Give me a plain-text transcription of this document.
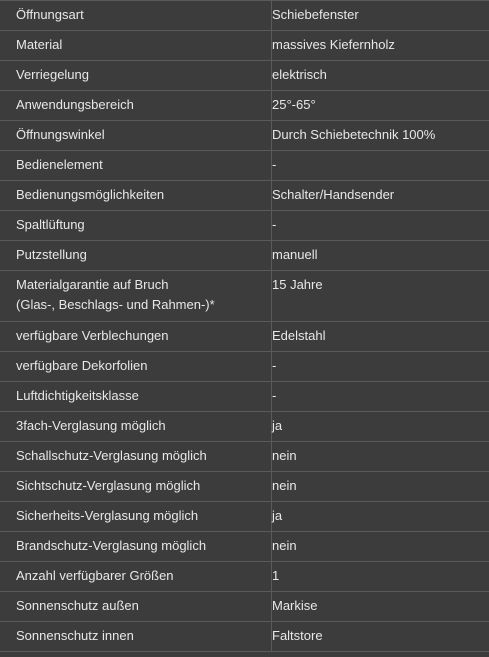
Öffnungsart	Schiebefenster

Material	massives Kiefernholz

Verriegelung	elektrisch

Anwendungsbereich	25°-65°

Öffnungswinkel	Durch Schiebetechnik 100%

Bedienelement	-

Bedienungsmöglichkeiten	Schalter/Handsender

Spaltlüftung	-

Putzstellung	manuell

Materialgarantie auf Bruch
(Glas-, Beschlags- und Rahmen-)*	15 Jahre

verfügbare Verblechungen	Edelstahl

verfügbare Dekorfolien	-

Luftdichtigkeitsklasse	-

3fach-Verglasung möglich	ja

Schallschutz-Verglasung möglich	nein

Sichtschutz-Verglasung möglich	nein

Sicherheits-Verglasung möglich	ja

Brandschutz-Verglasung möglich	nein

Anzahl verfügbarer Größen	1

Sonnenschutz außen	Markise

Sonnenschutz innen	Faltstore
